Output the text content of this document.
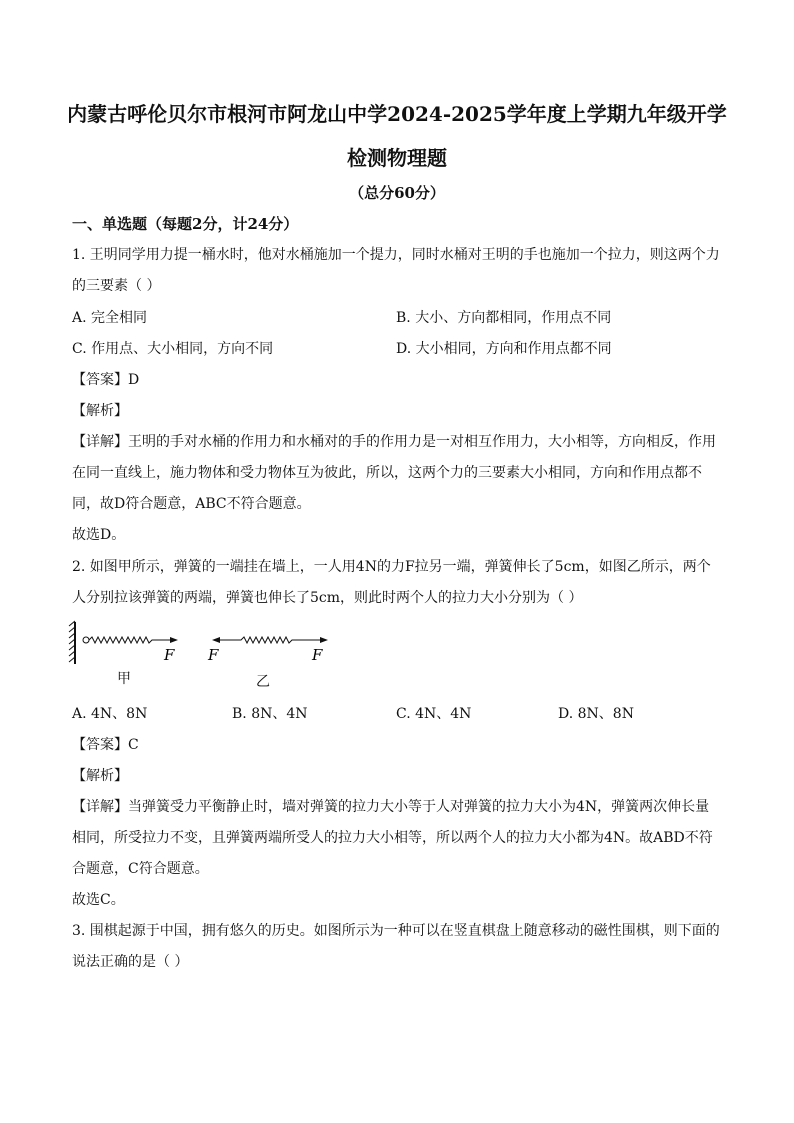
内蒙古呼伦贝尔市根河市阿龙山中学2024-2025学年度上学期九年级开学
检测物理题
（总分60分）
一、单选题（每题2分，计24分）
1. 王明同学用力提一桶水时，他对水桶施加一个提力，同时水桶对王明的手也施加一个拉力，则这两个力
的三要素（ ）
A. 完全相同	B. 大小、方向都相同，作用点不同
C. 作用点、大小相同，方向不同	D. 大小相同，方向和作用点都不同
【答案】D
【解析】
【详解】王明的手对水桶的作用力和水桶对的手的作用力是一对相互作用力，大小相等，方向相反，作用
在同一直线上，施力物体和受力物体互为彼此，所以，这两个力的三要素大小相同，方向和作用点都不
同，故D符合题意，ABC不符合题意。
故选D。
2. 如图甲所示，弹簧的一端挂在墙上，一人用4N的力F拉另一端，弹簧伸长了5cm，如图乙所示，两个
人分别拉该弹簧的两端，弹簧也伸长了5cm，则此时两个人的拉力大小分别为（ ）
F F	F
甲	乙
A. 4N、8N	B. 8N、4N	C. 4N、4N	D. 8N、8N
【答案】C
【解析】
【详解】当弹簧受力平衡静止时，墙对弹簧的拉力大小等于人对弹簧的拉力大小为4N，弹簧两次伸长量
相同，所受拉力不变，且弹簧两端所受人的拉力大小相等，所以两个人的拉力大小都为4N。故ABD不符
合题意，C符合题意。
故选C。
3. 围棋起源于中国，拥有悠久的历史。如图所示为一种可以在竖直棋盘上随意移动的磁性围棋，则下面的
说法正确的是（ ）
